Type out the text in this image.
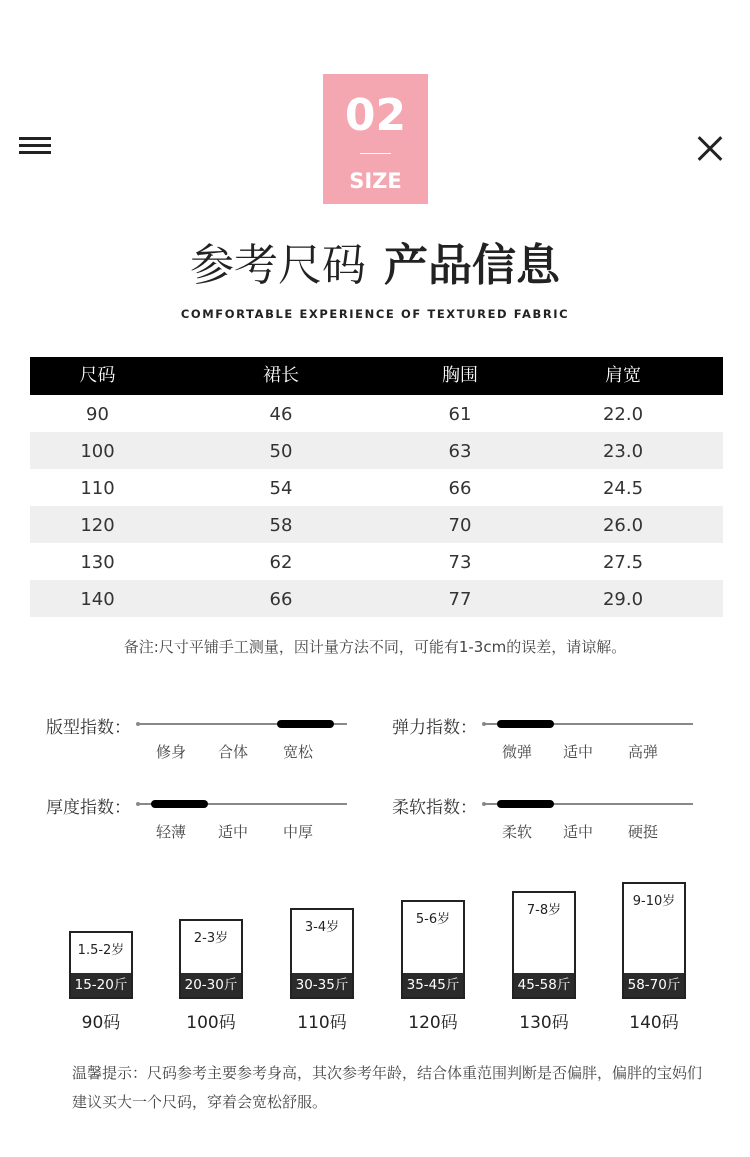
02
SIZE
参考尺码 产品信息
COMFORTABLE EXPERIENCE OF TEXTURED FABRIC
尺码	裙长	胸围	肩宽
90	46	61	22.0
100	50	63	23.0
110	54	66	24.5
120	58	70	26.0
130	62	73	27.5
140	66	77	29.0
备注:尺寸平铺手工测量，因计量方法不同，可能有1-3cm的误差，请谅解。
版型指数：
修身 合体 宽松
弹力指数：
微弹 适中 高弹
厚度指数：
轻薄 适中 中厚
柔软指数：
柔软 适中 硬挺
1.5-2岁
15-20斤
90码
2-3岁
20-30斤
100码
3-4岁
30-35斤
110码
5-6岁
35-45斤
120码
7-8岁
45-58斤
130码
9-10岁
58-70斤
140码
温馨提示：尺码参考主要参考身高，其次参考年龄，结合体重范围判断是否偏胖，偏胖的宝妈们建议买大一个尺码，穿着会宽松舒服。
